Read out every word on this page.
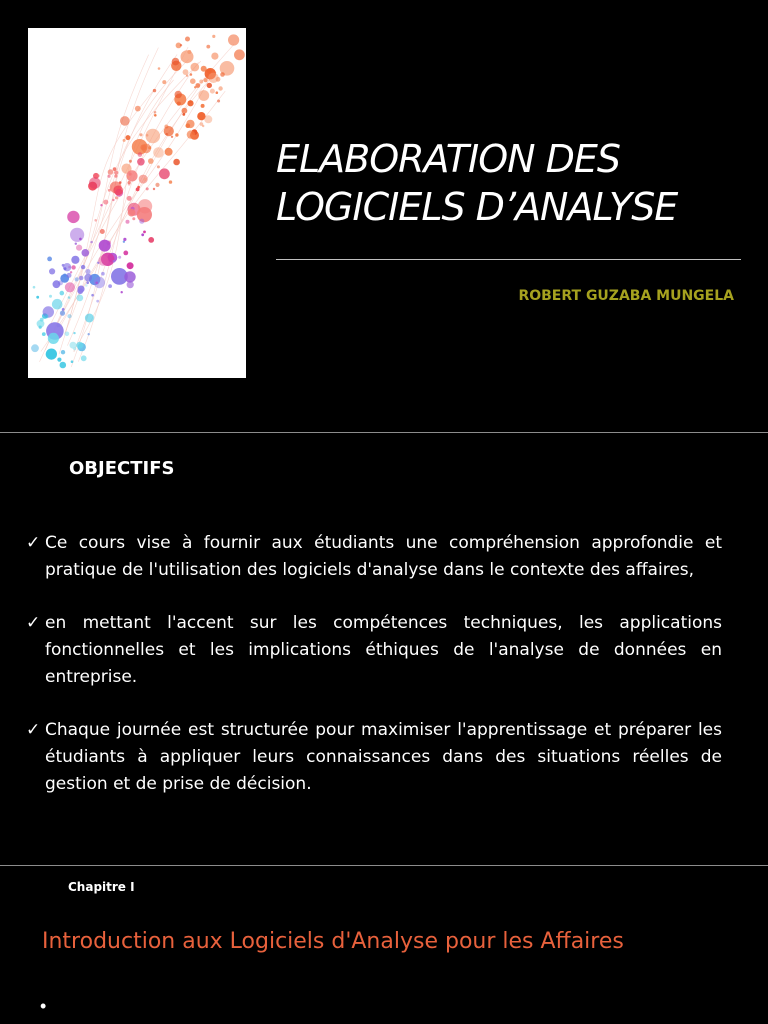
ELABORATION DES
LOGICIELS D’ANALYSE
ROBERT GUZABA MUNGELA
OBJECTIFS
✓ Ce cours vise à fournir aux étudiants une compréhension approfondie et pratique de l'utilisation des logiciels d'analyse dans le contexte des affaires,
✓ en mettant l'accent sur les compétences techniques, les applications fonctionnelles et les implications éthiques de l'analyse de données en entreprise.
✓ Chaque journée est structurée pour maximiser l'apprentissage et préparer les étudiants à appliquer leurs connaissances dans des situations réelles de gestion et de prise de décision.
Chapitre I
Introduction aux Logiciels d'Analyse pour les Affaires
•
